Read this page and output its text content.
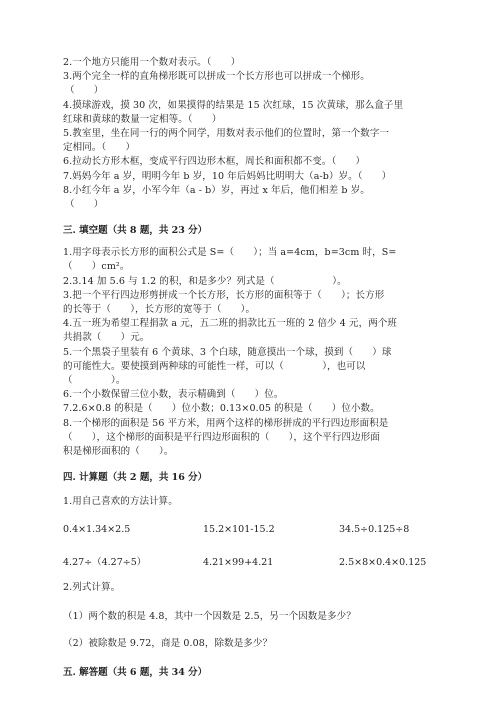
2.一个地方只能用一个数对表示。（　　）
3.两个完全一样的直角梯形既可以拼成一个长方形也可以拼成一个梯形。
（　　）
4.摸球游戏，摸 30 次，如果摸得的结果是 15 次红球，15 次黄球，那么盒子里
红球和黄球的数量一定相等。（　　）
5.教室里，坐在同一行的两个同学，用数对表示他们的位置时，第一个数字一
定相同。（　　）
6.拉动长方形木框，变成平行四边形木框，周长和面积都不变。（　　）
7.妈妈今年 a 岁，明明今年 b 岁，10 年后妈妈比明明大（a-b）岁。（　　）
8.小红今年 a 岁，小军今年（a - b）岁，再过 x 年后，他们相差 b 岁。
（　　）
三. 填空题（共 8 题，共 23 分）
1.用字母表示长方形的面积公式是 S=（　　）；当 a=4cm，b=3cm 时，S=
（　　）cm²。
2.3.14 加 5.6 与 1.2 的积，和是多少？列式是（　　　　　　）。
3.把一个平行四边形剪拼成一个长方形，长方形的面积等于（　　）；长方形
的长等于（　　），长方形的宽等于（　　）。
4.五一班为希望工程捐款 a 元，五二班的捐款比五一班的 2 倍少 4 元，两个班
共捐款（　　）元。
5.一个黑袋子里装有 6 个黄球、3 个白球，随意摸出一个球，摸到（　　）球
的可能性大。要使摸到两种球的可能性一样，可以（　　　　），也可以
（　　　　）。
6.一个小数保留三位小数，表示精确到（　　）位。
7.2.6×0.8 的积是（　　）位小数；0.13×0.05 的积是（　　）位小数。
8.一个梯形的面积是 56 平方米，用两个这样的梯形拼成的平行四边形面积是
（　　），这个梯形的面积是平行四边形面积的（　　），这个平行四边形面
积是梯形面积的（　　）。
四. 计算题（共 2 题，共 16 分）
1.用自己喜欢的方法计算。
0.4×1.34×2.5	15.2×101-15.2	34.5÷0.125÷8
4.27÷（4.27÷5）	4.21×99+4.21	2.5×8×0.4×0.125
2.列式计算。
（1）两个数的积是 4.8，其中一个因数是 2.5，另一个因数是多少？
（2）被除数是 9.72，商是 0.08，除数是多少？
五. 解答题（共 6 题，共 34 分）
